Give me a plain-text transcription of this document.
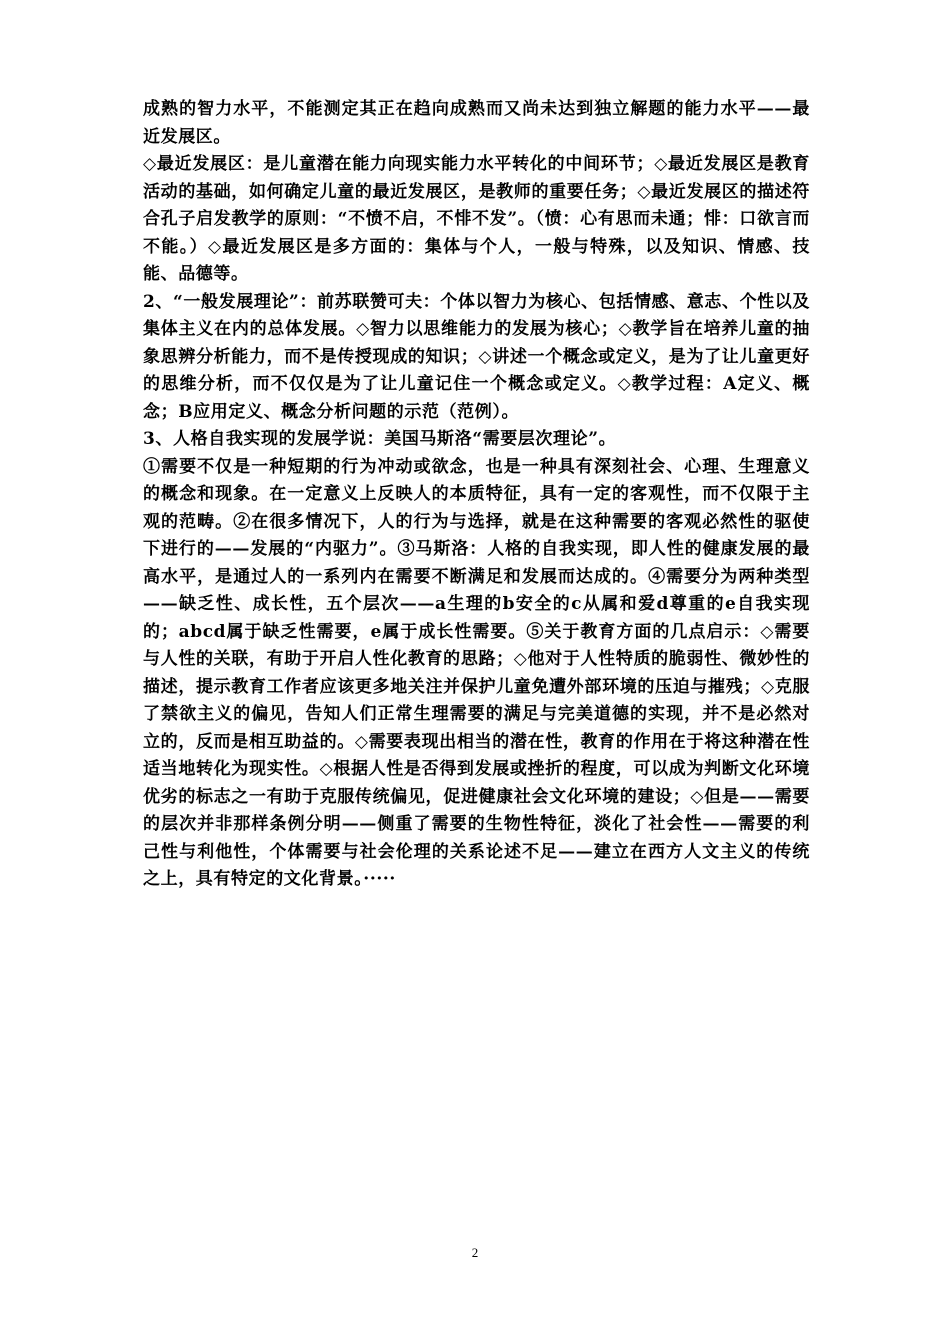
成熟的智力水平，不能测定其正在趋向成熟而又尚未达到独立解题的能力水平——最近发展区。

◇最近发展区：是儿童潜在能力向现实能力水平转化的中间环节；◇最近发展区是教育活动的基础，如何确定儿童的最近发展区，是教师的重要任务；◇最近发展区的描述符合孔子启发教学的原则：“不愤不启，不悱不发”。（愤：心有思而未通；悱：口欲言而不能。）◇最近发展区是多方面的：集体与个人，一般与特殊，以及知识、情感、技能、品德等。

2、“一般发展理论”：前苏联赞可夫：个体以智力为核心、包括情感、意志、个性以及集体主义在内的总体发展。◇智力以思维能力的发展为核心；◇教学旨在培养儿童的抽象思辨分析能力，而不是传授现成的知识；◇讲述一个概念或定义，是为了让儿童更好的思维分析，而不仅仅是为了让儿童记住一个概念或定义。◇教学过程：A定义、概念；B应用定义、概念分析问题的示范（范例）。

3、人格自我实现的发展学说：美国马斯洛“需要层次理论”。

①需要不仅是一种短期的行为冲动或欲念，也是一种具有深刻社会、心理、生理意义的概念和现象。在一定意义上反映人的本质特征，具有一定的客观性，而不仅限于主观的范畴。②在很多情况下，人的行为与选择，就是在这种需要的客观必然性的驱使下进行的——发展的“内驱力”。③马斯洛：人格的自我实现，即人性的健康发展的最高水平，是通过人的一系列内在需要不断满足和发展而达成的。④需要分为两种类型——缺乏性、成长性，五个层次——a生理的b安全的c从属和爱d尊重的e自我实现的；abcd属于缺乏性需要，e属于成长性需要。⑤关于教育方面的几点启示：◇需要与人性的关联，有助于开启人性化教育的思路；◇他对于人性特质的脆弱性、微妙性的描述，提示教育工作者应该更多地关注并保护儿童免遭外部环境的压迫与摧残；◇克服了禁欲主义的偏见，告知人们正常生理需要的满足与完美道德的实现，并不是必然对立的，反而是相互助益的。◇需要表现出相当的潜在性，教育的作用在于将这种潜在性适当地转化为现实性。◇根据人性是否得到发展或挫折的程度，可以成为判断文化环境优劣的标志之一有助于克服传统偏见，促进健康社会文化环境的建设；◇但是——需要的层次并非那样条例分明——侧重了需要的生物性特征，淡化了社会性——需要的利己性与利他性，个体需要与社会伦理的关系论述不足——建立在西方人文主义的传统之上，具有特定的文化背景。·····

2
